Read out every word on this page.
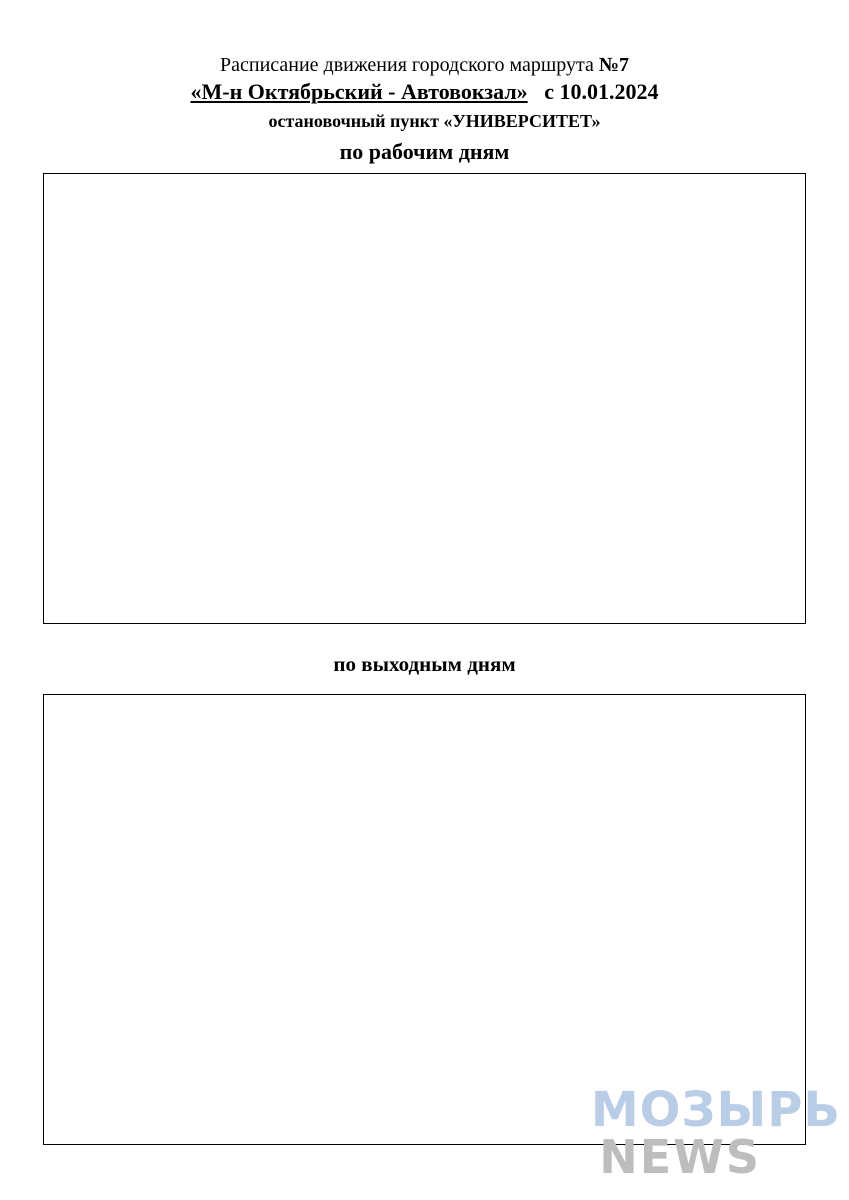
Расписание движения городского маршрута №7
«М-н Октябрьский - Автовокзал» с 10.01.2024
остановочный пункт «УНИВЕРСИТЕТ»
по рабочим дням
по выходным дням
МОЗЫРЬ
NEWS
